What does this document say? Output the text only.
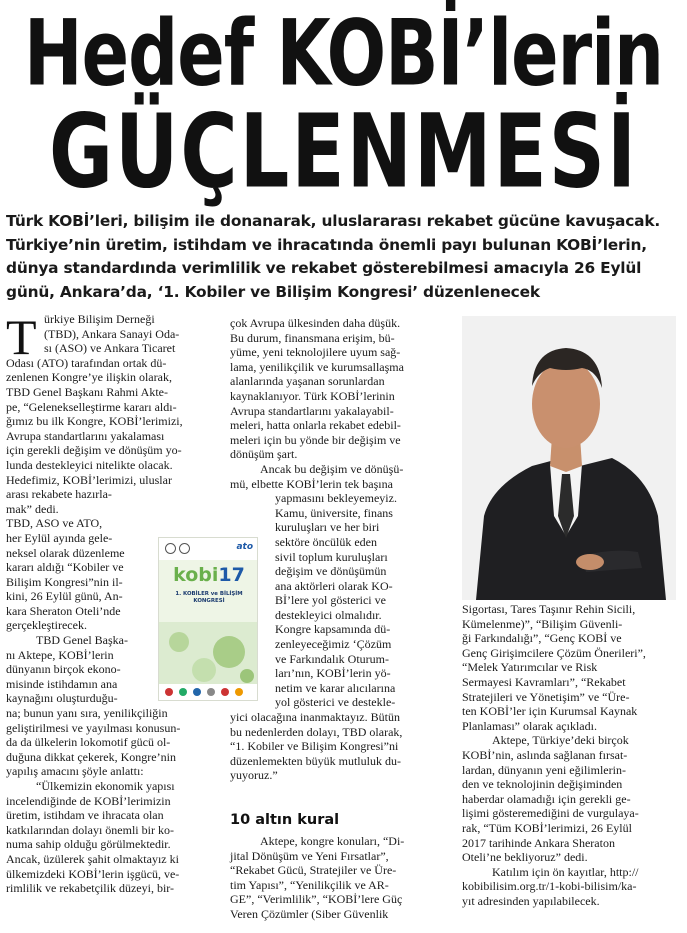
Hedef KOBİ’lerin
GÜÇLENMESİ

Türk KOBİ’leri, bilişim ile donanarak, uluslararası rekabet gücüne kavuşacak.

Türkiye’nin üretim, istihdam ve ihracatında önemli payı bulunan KOBİ’lerin,

dünya standardında verimlilik ve rekabet gösterebilmesi amacıyla 26 Eylül

günü, Ankara’da, ‘1. Kobiler ve Bilişim Kongresi’ düzenlenecek

T ürkiye Bilişim Derneği
(TBD), Ankara Sanayi Oda-
sı (ASO) ve Ankara Ticaret
Odası (ATO) tarafından ortak dü-
zenlenen Kongre’ye ilişkin olarak,
TBD Genel Başkanı Rahmi Akte-
pe, “Gelenekselleştirme kararı aldı-
ğımız bu ilk Kongre, KOBİ’lerimizi,
Avrupa standartlarını yakalaması
için gerekli değişim ve dönüşüm yo-
lunda destekleyici nitelikte olacak.
Hedefimiz, KOBİ’lerimizi, uluslar
arası rekabete hazırla-
mak” dedi.
TBD, ASO ve ATO,
her Eylül ayında gele-
neksel olarak düzenleme
kararı aldığı “Kobiler ve
Bilişim Kongresi”nin il-
kini, 26 Eylül günü, An-
kara Sheraton Oteli’nde
gerçekleştirecek.
TBD Genel Başka-
nı Aktepe, KOBİ’lerin
dünyanın birçok ekono-
misinde istihdamın ana
kaynağını oluşturduğu-
na; bunun yanı sıra, yenilikçiliğin
geliştirilmesi ve yayılması konusun-
da da ülkelerin lokomotif gücü ol-
duğuna dikkat çekerek, Kongre’nin
yapılış amacını şöyle anlattı:
“Ülkemizin ekonomik yapısı
incelendiğinde de KOBİ’lerimizin
üretim, istihdam ve ihracata olan
katkılarından dolayı önemli bir ko-
numa sahip olduğu görülmektedir.
Ancak, üzülerek şahit olmaktayız ki
ülkemizdeki KOBİ’lerin işgücü, ve-
rimlilik ve rekabetçilik düzeyi, bir-
çok Avrupa ülkesinden daha düşük.
Bu durum, finansmana erişim, bü-
yüme, yeni teknolojilere uyum sağ-
lama, yenilikçilik ve kurumsallaşma
alanlarında yaşanan sorunlardan
kaynaklanıyor. Türk KOBİ’lerinin
Avrupa standartlarını yakalayabil-
meleri, hatta onlarla rekabet edebil-
meleri için bu yönde bir değişim ve
dönüşüm şart.
Ancak bu değişim ve dönüşü-
mü, elbette KOBİ’lerin tek başına
yapmasını bekleyemeyiz.
Kamu, üniversite, finans
kuruluşları ve her biri
sektöre öncülük eden
sivil toplum kuruluşları
değişim ve dönüşümün
ana aktörleri olarak KO-
Bİ’lere yol gösterici ve
destekleyici olmalıdır.
Kongre kapsamında dü-
zenleyeceğimiz ‘Çözüm
ve Farkındalık Oturum-
ları’nın, KOBİ’lerin yö-
netim ve karar alıcılarına
yol gösterici ve destekle-
yici olacağına inanmaktayız. Bütün
bu nedenlerden dolayı, TBD olarak,
“1. Kobiler ve Bilişim Kongresi”ni
düzenlemekten büyük mutluluk du-
yuyoruz.”
10 altın kural
Aktepe, kongre konuları, “Di-
jital Dönüşüm ve Yeni Fırsatlar”,
“Rekabet Gücü, Stratejiler ve Üre-
tim Yapısı”, “Yenilikçilik ve AR-
GE”, “Verimlilik”, “KOBİ’lere Güç
Veren Çözümler (Siber Güvenlik
Sigortası, Tares Taşınır Rehin Sicili,
Kümelenme)”, “Bilişim Güvenli-
ği Farkındalığı”, “Genç KOBİ ve
Genç Girişimcilere Çözüm Önerileri”,
“Melek Yatırımcılar ve Risk
Sermayesi Kavramları”, “Rekabet
Stratejileri ve Yönetişim” ve “Üre-
ten KOBİ’ler için Kurumsal Kaynak
Planlaması” olarak açıkladı.
Aktepe, Türkiye’deki birçok
KOBİ’nin, aslında sağlanan fırsat-
lardan, dünyanın yeni eğilimlerin-
den ve teknolojinin değişiminden
haberdar olamadığı için gerekli ge-
lişimi gösteremediğini de vurgulaya-
rak, “Tüm KOBİ’lerimizi, 26 Eylül
2017 tarihinde Ankara Sheraton
Oteli’ne bekliyoruz” dedi.
Katılım için ön kayıtlar, http://
kobibilisim.org.tr/1-kobi-bilisim/ka-
yıt adresinden yapılabilecek.
ato
kobi17
1. KOBİLER ve BİLİŞİM KONGRESİ
